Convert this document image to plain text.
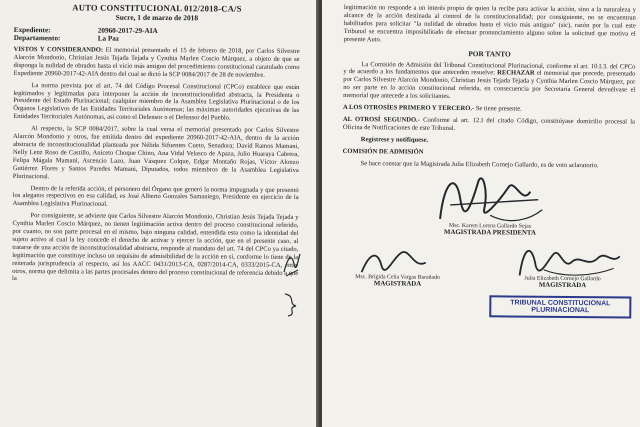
AUTO CONSTITUCIONAL 012/2018-CA/S
Sucre, 1 de marzo de 2018
Expediente:	20960-2017-29-AIA
Departamento:	La Paz

VISTOS Y CONSIDERANDO: El memorial presentado el 15 de febrero de 2018, por Carlos Silvestre Alarcón Mondonio, Christian Jesús Tejada Tejada y Cynthia Marlen Coscio Márquez, a objeto de que se disponga la nulidad de obrados hasta el vicio más antiguo del procedimiento constitucional caratulado como Expediente 20960-2017-42-AIA dentro del cual se dictó la SCP 0084/2017 de 28 de noviembre.

La norma prevista por el art. 74 del Código Procesal Constitucional (CPCo) establece que están legitimados y legitimadas para interponer la acción de inconstitucionalidad abstracta, la Presidenta o Presidente del Estado Plurinacional; cualquier miembro de la Asamblea Legislativa Plurinacional o de los Órganos Legislativos de las Entidades Territoriales Autónomas; las máximas autoridades ejecutivas de las Entidades Territoriales Autónomas, así como el Defensor o el Defensor del Pueblo.

Al respecto, la SCP 0084/2017, sobre la cual versa el memorial presentado por Carlos Silvestre Alarcón Mondonio y otros, fue emitida dentro del expediente 20960-2017-42-AIA, dentro de la acción abstracta de inconstitucionalidad planteada por Nélida Sifuentes Cueto, Senadora; David Ramos Mamani, Nelly Lenz Roso de Castillo, Aniceto Choque Chino, Ana Vidal Velasco de Apaza, Julio Huaraya Cabrera, Felipa Mágala Mamani, Ascencio Lazo, Juan Vásquez Colque, Edgar Montaño Rojas, Víctor Alonzo Gutiérrez Flores y Santos Paredes Mamani, Diputados, todos miembros de la Asamblea Legislativa Plurinacional.

Dentro de la referida acción, el personero del Órgano que generó la norma impugnada y que presentó los alegatos respectivos en esa calidad, es José Alberto Gonzales Samaniego, Presidente en ejercicio de la Asamblea Legislativa Plurinacional.

Por consiguiente, se advierte que Carlos Silvestre Alarcón Mondonio, Christian Jesús Tejada Tejada y Cynthia Marlen Coscio Márquez, no tienen legitimación activa dentro del proceso constitucional referido, por cuanto, no son parte procesal en el mismo, bajo ninguna calidad, entendida esta como la identidad del sujeto activo al cual la ley concede el derecho de activar y ejercer la acción, que en el presente caso, al tratarse de una acción de inconstitucionalidad abstracta, responde al mandato del art. 74 del CPCo ya citado, legitimación que constituye incluso un requisito de admisibilidad de la acción en sí, conforme lo tiene de la reiterada jurisprudencia al respecto, así los AACC 0431/2013-CA, 0287/2014-CA, 0333/2015-CA, entre otros, norma que delimita a las partes procesales dentro del proceso constitucional de referencia debido a que la

legitimación no responde a un interés propio de quien la recibe para activar la acción, sino a la naturaleza y alcance de la acción destinada al control de la constitucionalidad; por consiguiente, no se encuentran habilitados para solicitar "la nulidad de obrados hasta el vicio más antiguo" (sic), razón por la cual este Tribunal se encuentra imposibilitado de efectuar pronunciamiento alguno sobre la solicitud que motiva el presente Auto.

POR TANTO

La Comisión de Admisión del Tribunal Constitucional Plurinacional, conforme el art. 10.I.3. del CPCo y de acuerdo a los fundamentos que anteceden resuelve: RECHAZAR el memorial que precede, presentado por Carlos Silvestre Alarcón Mondonio, Christian Jesús Tejada Tejada y Cynthia Marlen Coscio Márquez, por no ser parte en la acción constitucional referida, en consecuencia por Secretaría General devuélvase el memorial que antecede a los solicitantes.

A LOS OTROSÍES PRIMERO Y TERCERO.- Se tiene presente.

AL OTROSÍ SEGUNDO.- Conforme al art. 12.I del citado Código, constitúyase domicilio procesal la Oficina de Notificaciones de este Tribunal.

Regístrese y notifíquese.

COMISIÓN DE ADMISIÓN

Se hace constar que la Magistrada Julia Elizabeth Cornejo Gallardo, es de voto aclaratorio.

Msc. Karem Lorena Gallardo Sejas
MAGISTRADA PRESIDENTA
Msc. Brígida Celia Vargas Barañado
MAGISTRADA
Julia Elizabeth Cornejo Gallardo
MAGISTRADA
TRIBUNAL CONSTITUCIONAL
PLURINACIONAL
